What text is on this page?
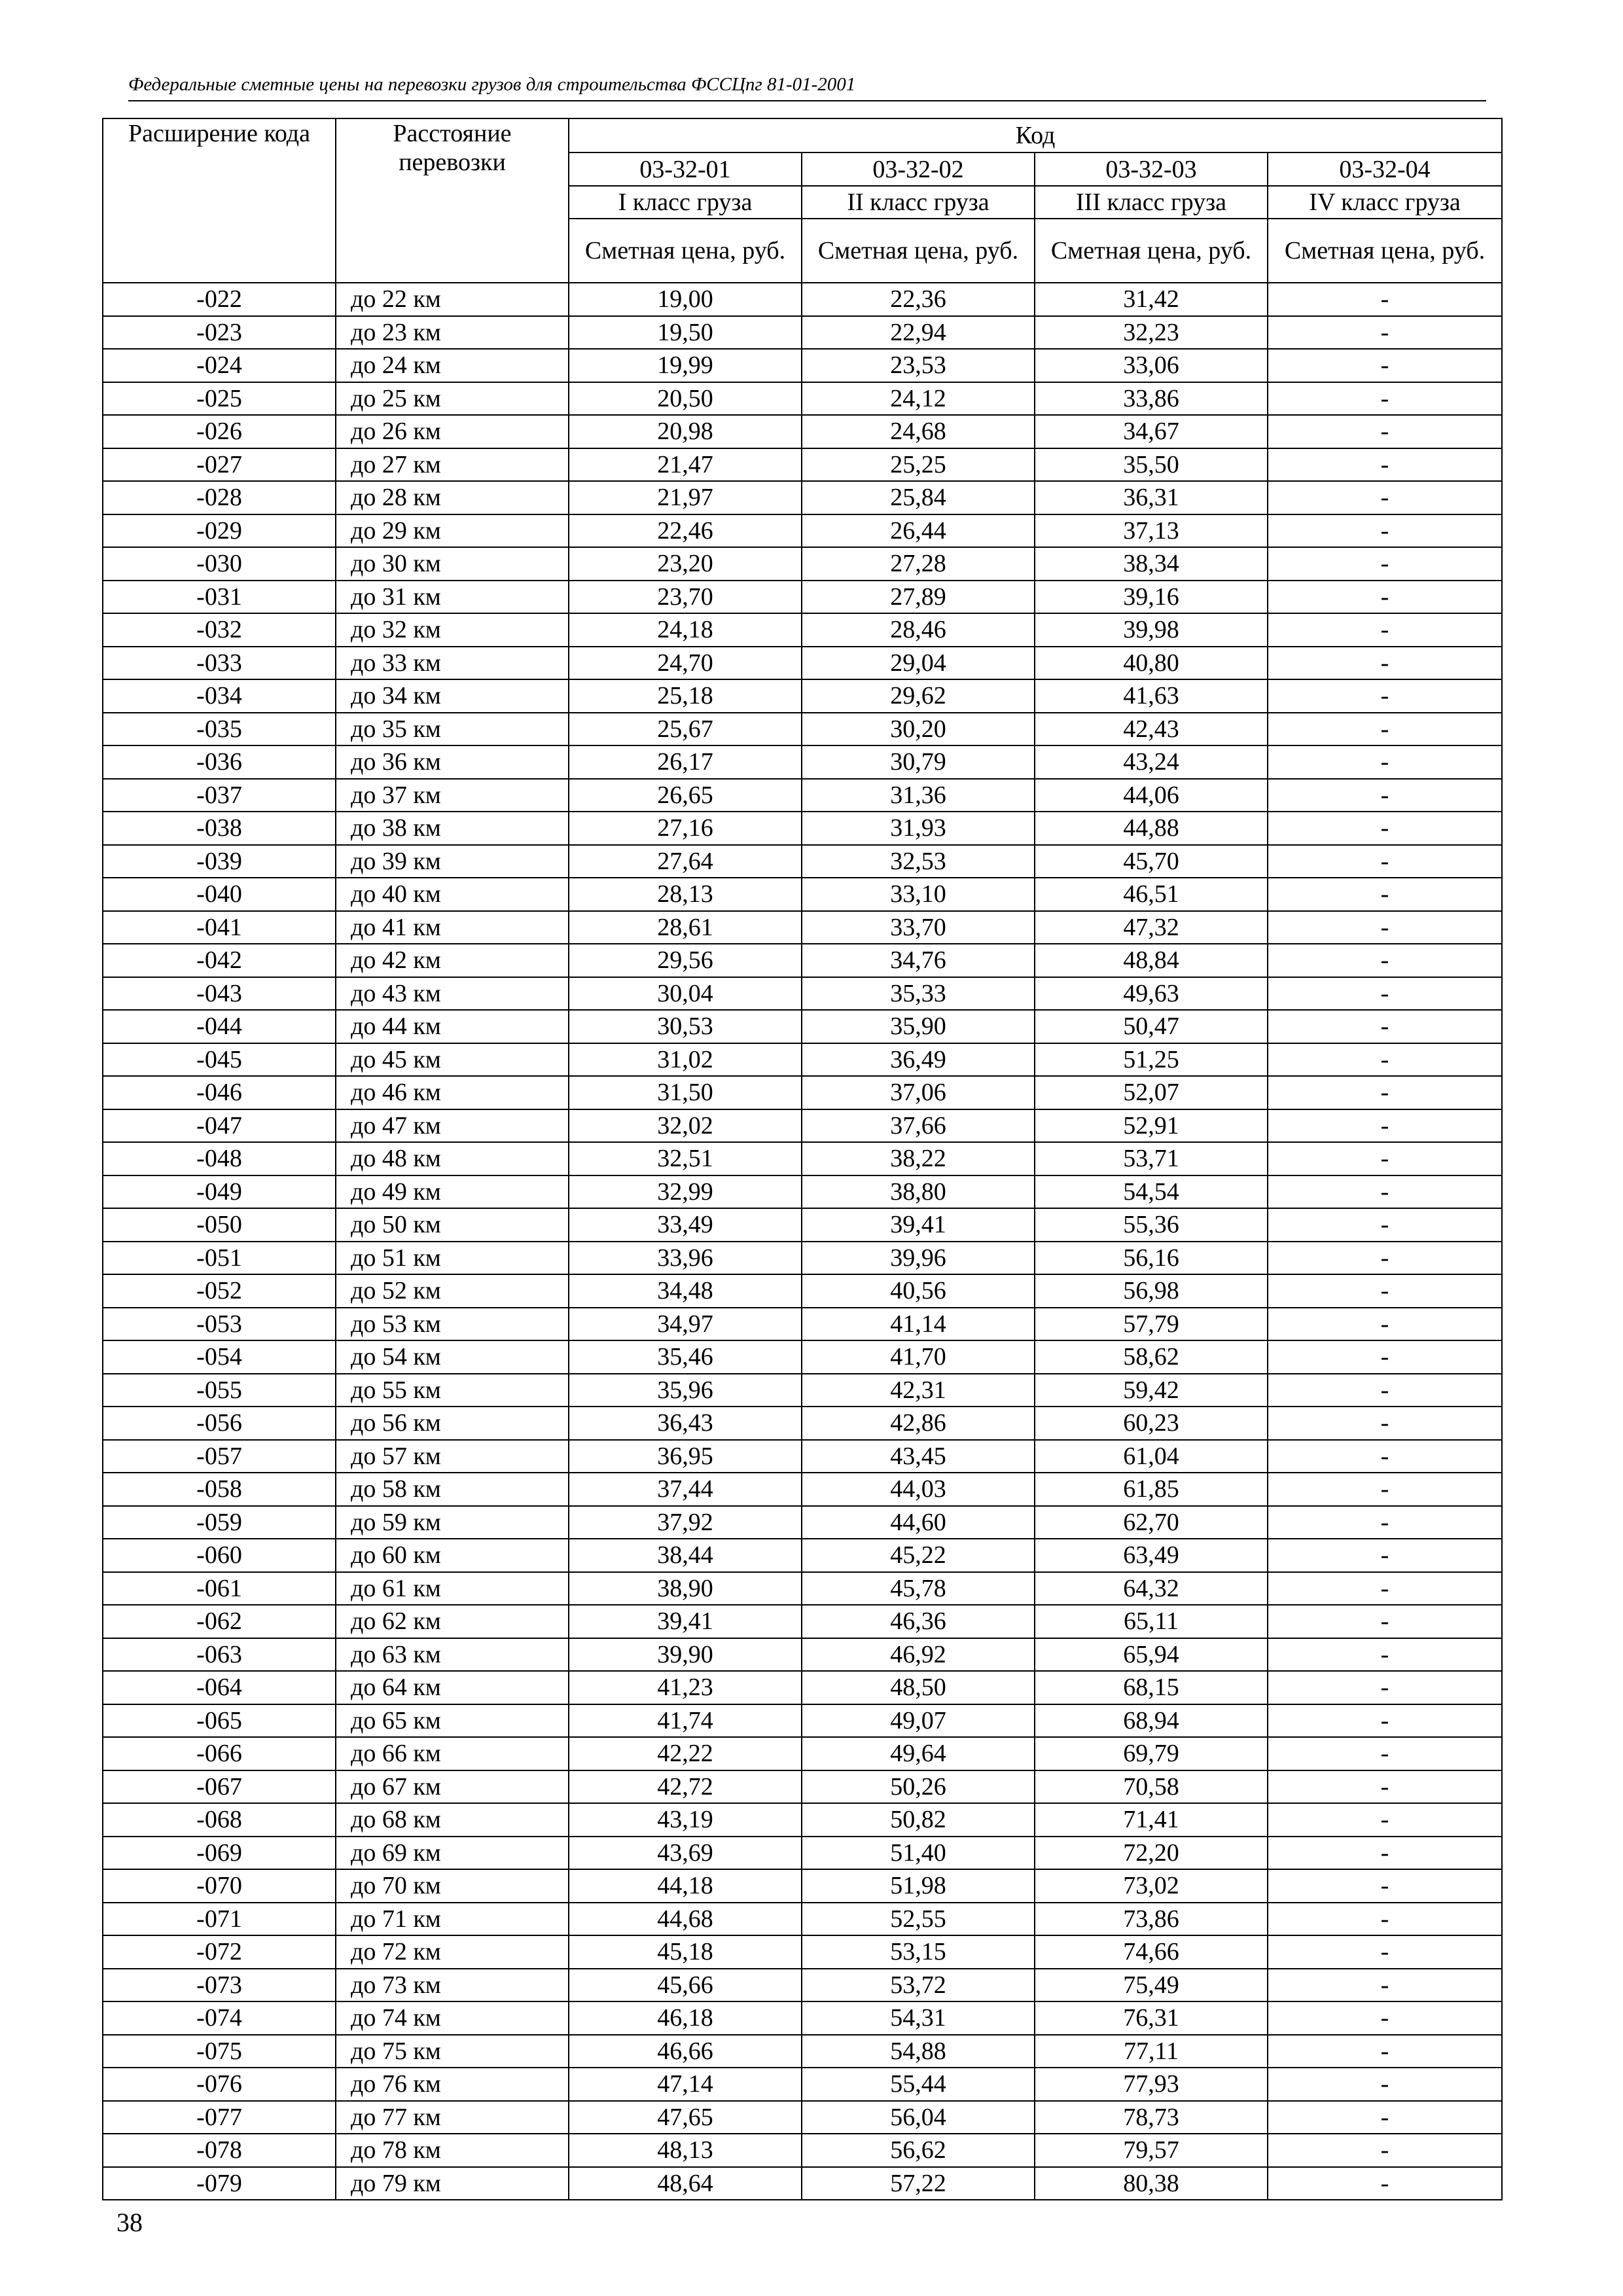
Федеральные сметные цены на перевозки грузов для строительства ФССЦпг 81-01-2001
Расширение кода	Расстояние перевозки	Код			
		03-32-01	03-32-02	03-32-03	03-32-04
		I класс груза	II класс груза	III класс груза	IV класс груза
		Сметная цена, руб.	Сметная цена, руб.	Сметная цена, руб.	Сметная цена, руб.
-022	до 22 км	19,00	22,36	31,42	-
-023	до 23 км	19,50	22,94	32,23	-
-024	до 24 км	19,99	23,53	33,06	-
-025	до 25 км	20,50	24,12	33,86	-
-026	до 26 км	20,98	24,68	34,67	-
-027	до 27 км	21,47	25,25	35,50	-
-028	до 28 км	21,97	25,84	36,31	-
-029	до 29 км	22,46	26,44	37,13	-
-030	до 30 км	23,20	27,28	38,34	-
-031	до 31 км	23,70	27,89	39,16	-
-032	до 32 км	24,18	28,46	39,98	-
-033	до 33 км	24,70	29,04	40,80	-
-034	до 34 км	25,18	29,62	41,63	-
-035	до 35 км	25,67	30,20	42,43	-
-036	до 36 км	26,17	30,79	43,24	-
-037	до 37 км	26,65	31,36	44,06	-
-038	до 38 км	27,16	31,93	44,88	-
-039	до 39 км	27,64	32,53	45,70	-
-040	до 40 км	28,13	33,10	46,51	-
-041	до 41 км	28,61	33,70	47,32	-
-042	до 42 км	29,56	34,76	48,84	-
-043	до 43 км	30,04	35,33	49,63	-
-044	до 44 км	30,53	35,90	50,47	-
-045	до 45 км	31,02	36,49	51,25	-
-046	до 46 км	31,50	37,06	52,07	-
-047	до 47 км	32,02	37,66	52,91	-
-048	до 48 км	32,51	38,22	53,71	-
-049	до 49 км	32,99	38,80	54,54	-
-050	до 50 км	33,49	39,41	55,36	-
-051	до 51 км	33,96	39,96	56,16	-
-052	до 52 км	34,48	40,56	56,98	-
-053	до 53 км	34,97	41,14	57,79	-
-054	до 54 км	35,46	41,70	58,62	-
-055	до 55 км	35,96	42,31	59,42	-
-056	до 56 км	36,43	42,86	60,23	-
-057	до 57 км	36,95	43,45	61,04	-
-058	до 58 км	37,44	44,03	61,85	-
-059	до 59 км	37,92	44,60	62,70	-
-060	до 60 км	38,44	45,22	63,49	-
-061	до 61 км	38,90	45,78	64,32	-
-062	до 62 км	39,41	46,36	65,11	-
-063	до 63 км	39,90	46,92	65,94	-
-064	до 64 км	41,23	48,50	68,15	-
-065	до 65 км	41,74	49,07	68,94	-
-066	до 66 км	42,22	49,64	69,79	-
-067	до 67 км	42,72	50,26	70,58	-
-068	до 68 км	43,19	50,82	71,41	-
-069	до 69 км	43,69	51,40	72,20	-
-070	до 70 км	44,18	51,98	73,02	-
-071	до 71 км	44,68	52,55	73,86	-
-072	до 72 км	45,18	53,15	74,66	-
-073	до 73 км	45,66	53,72	75,49	-
-074	до 74 км	46,18	54,31	76,31	-
-075	до 75 км	46,66	54,88	77,11	-
-076	до 76 км	47,14	55,44	77,93	-
-077	до 77 км	47,65	56,04	78,73	-
-078	до 78 км	48,13	56,62	79,57	-
-079	до 79 км	48,64	57,22	80,38	-
38
